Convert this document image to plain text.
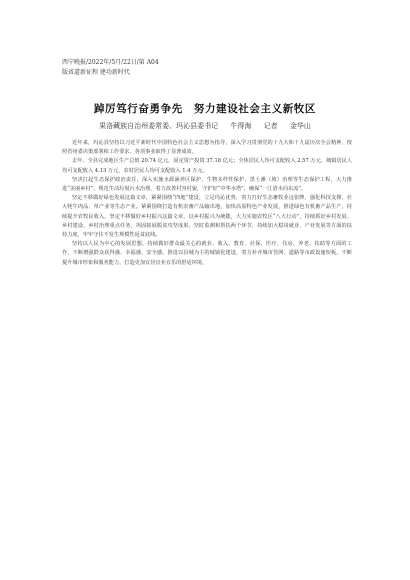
西宁晚报/2022年/5月/22日/第 A04
版省道新征程 建功新时代
踔厉笃行奋勇争先　努力建设社会主义新牧区
果洛藏族自治州委常委、玛沁县委书记 牛得海 记者 金华山

近年来，玛沁县坚持以习近平新时代中国特色社会主义思想为指导，深入学习贯彻党的十九大和十九届历次全会精神，按照省州委决策部署和工作要求，各项事业取得了显著成效。

去年，全县完成地区生产总值 20.74 亿元，固定资产投资 37.18 亿元；全体居民人均可支配收入 2.57 万元，城镇居民人均可支配收入 4.13 万元，农村居民人均可支配收入 1.4 万元。

坚决扛起生态保护政治责任，深入实施水源涵养区保护、生物多样性保护、黑土滩（坡）治理等生态保护工程，大力推进“美丽乡村”、规范生活垃圾污水治理，着力改善村容村貌，守护好“中华水塔”，确保“一江清水向东流”。

坚定不移做好绿色发展这篇文章，紧紧围绕“四地”建设，立足玛沁优势，着力打好生态畜牧业这张牌，强化科技支撑，壮大牦牛肉品、草产业等生态产业。紧紧围绕打造有机农畜产品输出地，加快高原特色产业发展，推进绿色有机畜产品生产，持续提升农牧民收入。坚定不移做好乡村振兴这篇文章，以乡村振兴为统揽，大力实施农牧区“八大行动”，持续抓好乡村发展、乡村建设、乡村治理重点任务，巩固拓展脱贫攻坚成果，坚盯监测和帮扶两个环节，持续加大稳岗就业、产业发展等方面的扶持力度，牢牢守住不发生规模性返贫底线。

坚持以人民为中心的发展思想，持续做好群众最关心的就业、收入、教育、社保、医疗、住房、养老、扶助等方面的工作，不断增强群众获得感、幸福感、安全感。推进以县城为主的城镇化建设，着力补齐城市管网、道路等市政设施短板，不断提升城市形象和服务能力，打造更加宜居宜业宜乐的舒适环境。
